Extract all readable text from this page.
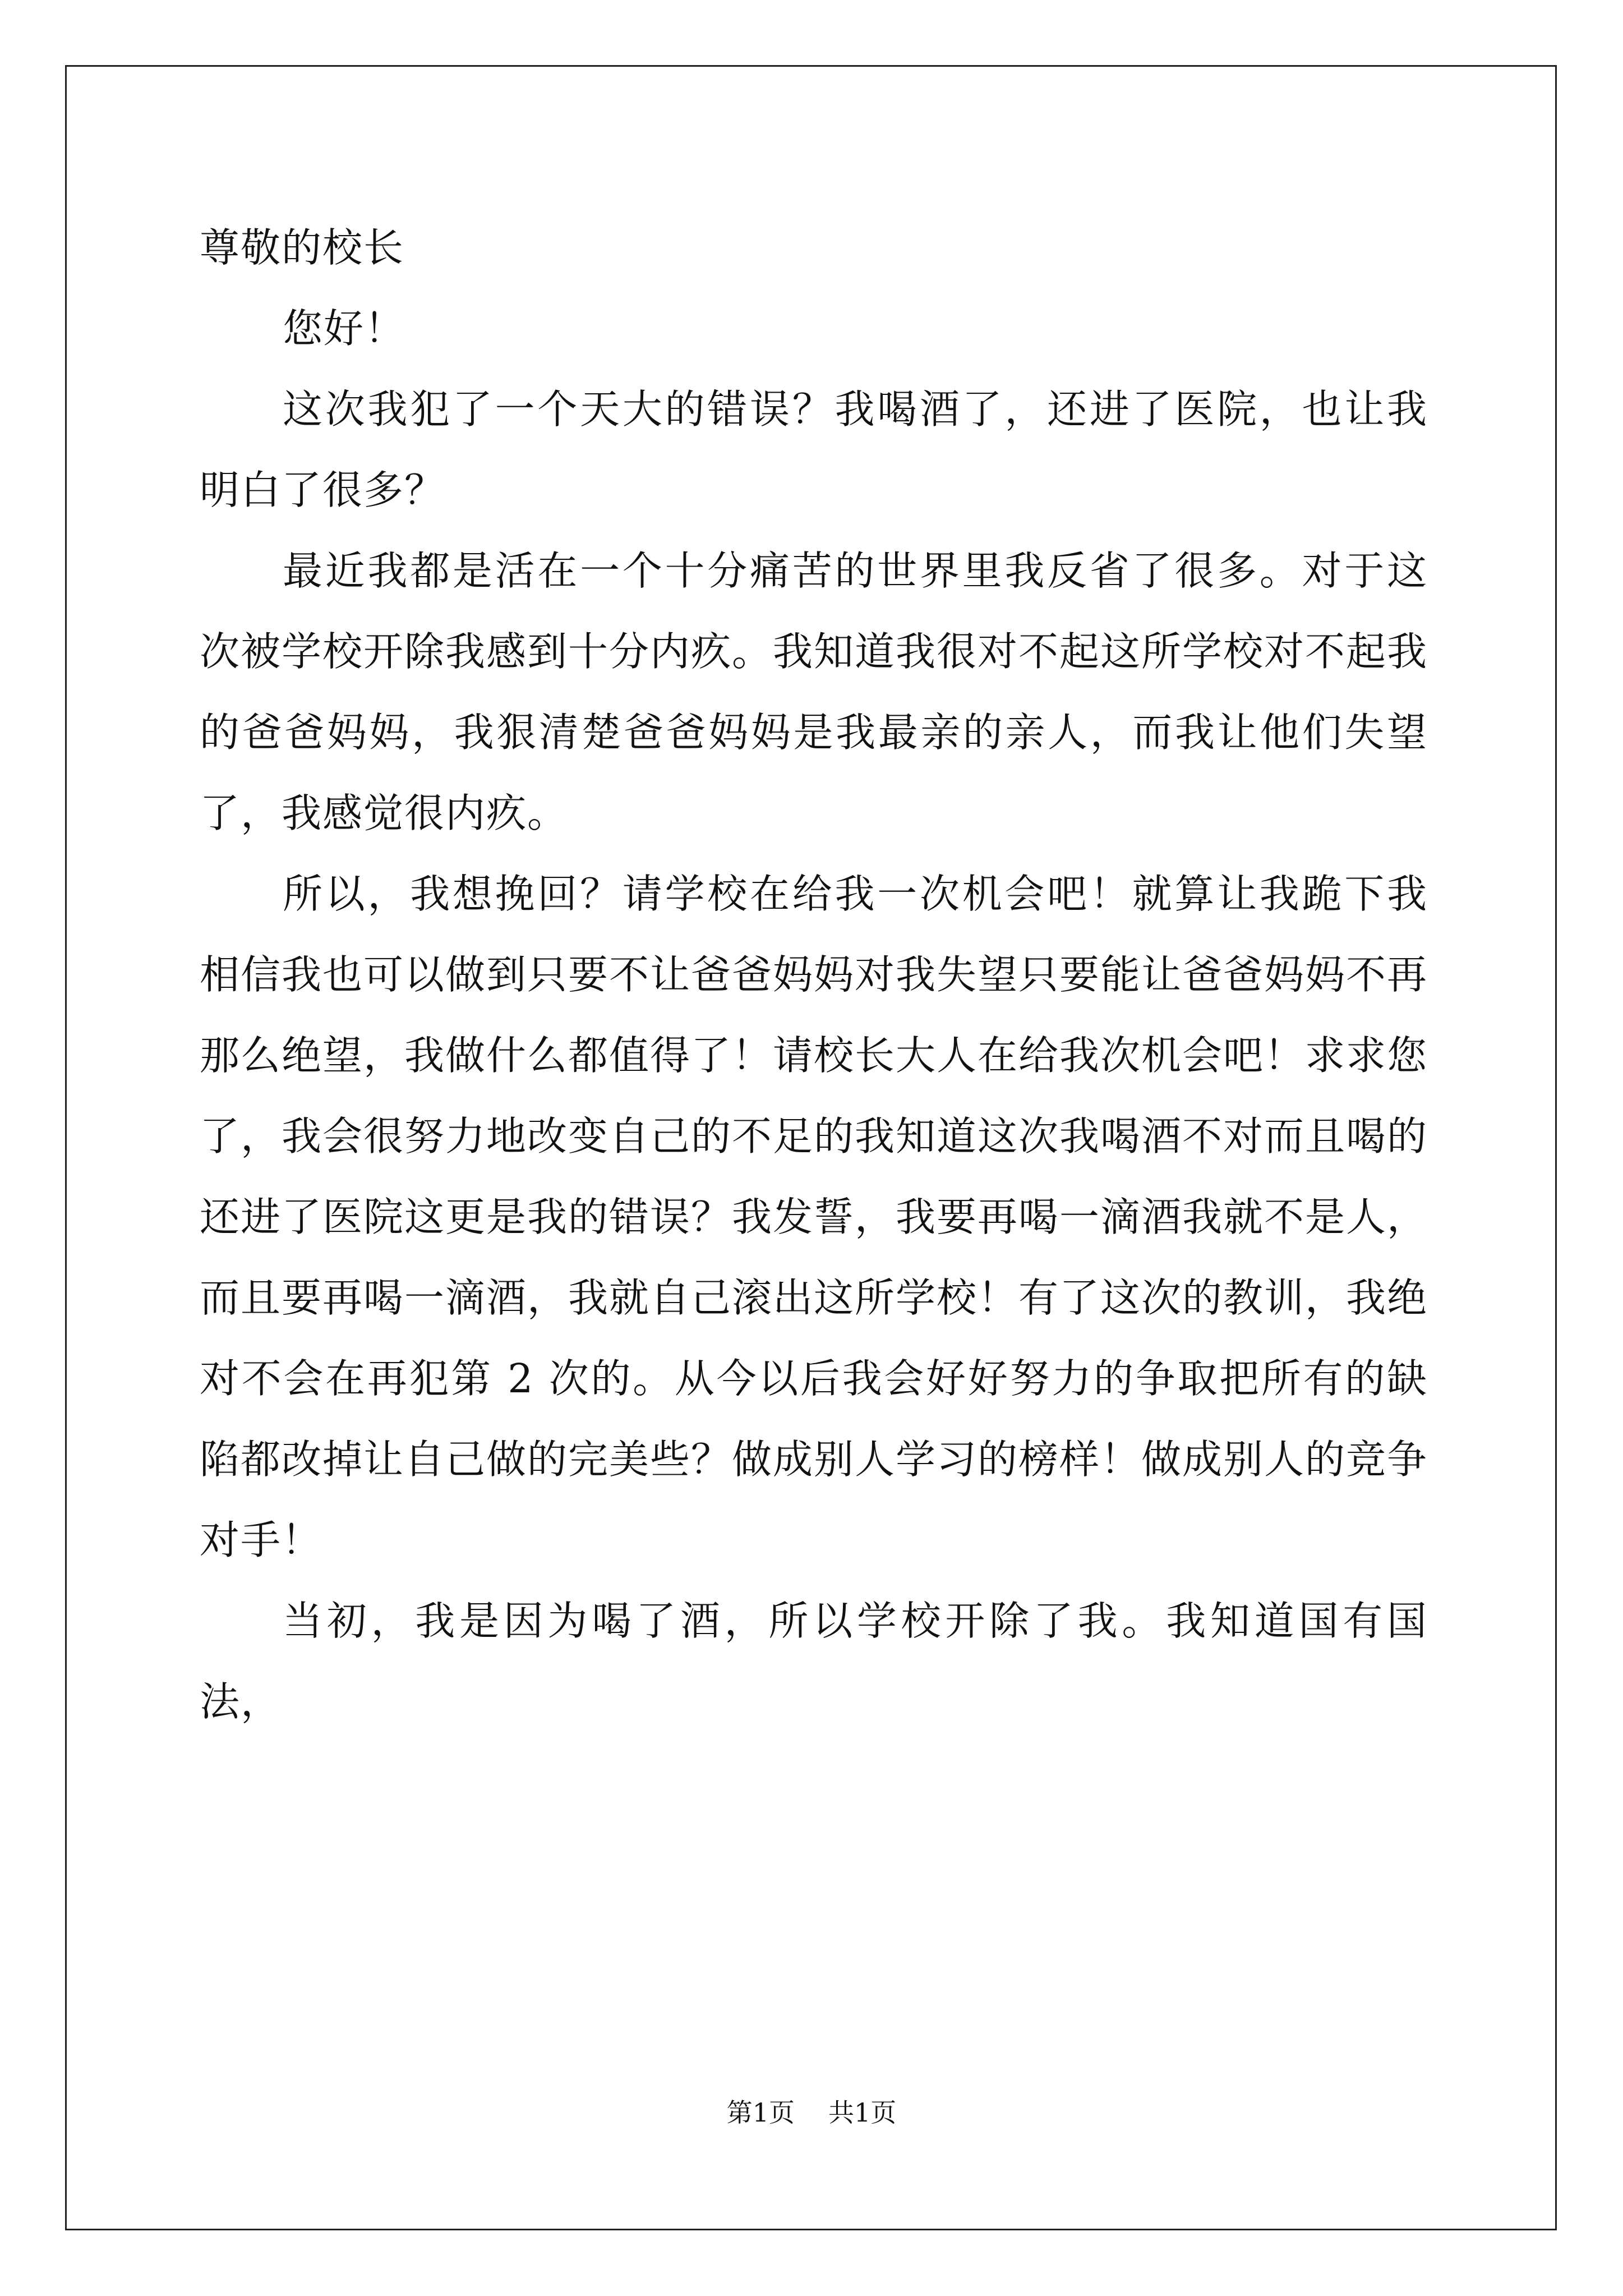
尊敬的校长

您好！

这次我犯了一个天大的错误？我喝酒了，还进了医院，也让我明白了很多？

最近我都是活在一个十分痛苦的世界里我反省了很多。对于这次被学校开除我感到十分内疚。我知道我很对不起这所学校对不起我的爸爸妈妈，我狠清楚爸爸妈妈是我最亲的亲人，而我让他们失望了，我感觉很内疚。

所以，我想挽回？请学校在给我一次机会吧！就算让我跪下我相信我也可以做到只要不让爸爸妈妈对我失望只要能让爸爸妈妈不再那么绝望，我做什么都值得了！请校长大人在给我次机会吧！求求您了，我会很努力地改变自己的不足的我知道这次我喝酒不对而且喝的还进了医院这更是我的错误？我发誓，我要再喝一滴酒我就不是人，而且要再喝一滴酒，我就自己滚出这所学校！有了这次的教训，我绝对不会在再犯第 2 次的。从今以后我会好好努力的争取把所有的缺陷都改掉让自己做的完美些？做成别人学习的榜样！做成别人的竞争对手！

当初，我是因为喝了酒，所以学校开除了我。我知道国有国法，

第1页 共1页
